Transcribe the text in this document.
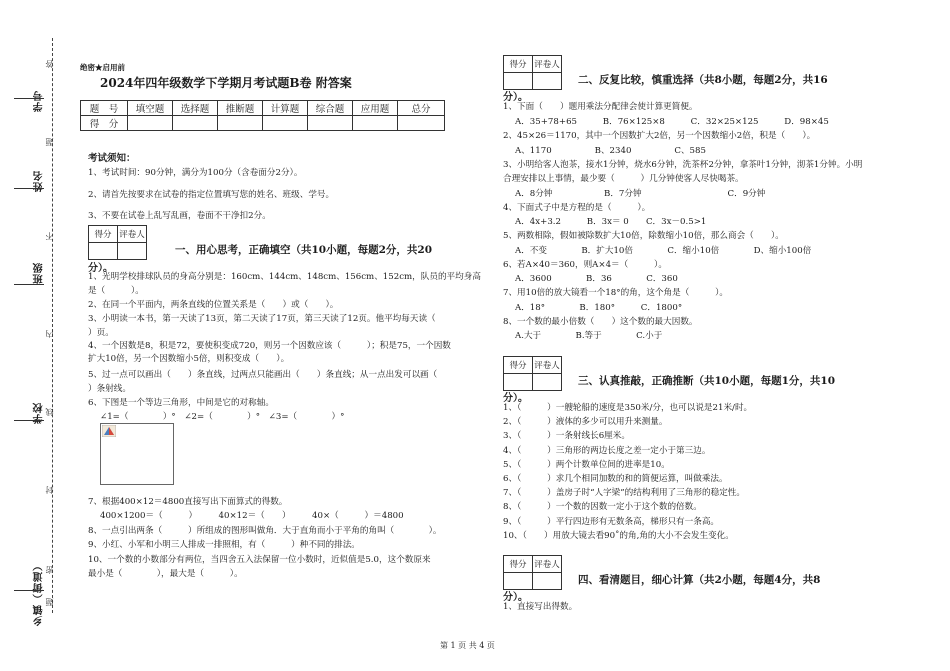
学号
姓名
班级
学校
乡镇（街道）
答
题
不
内
线
封
密
题
绝密★启用前
2024年四年级数学下学期月考试题B卷 附答案
题　号	填空题	选择题	推断题	计算题	综合题	应用题	总分
得　分							
考试须知：
1、考试时间：90分钟，满分为100分（含卷面分2分）。
2、请首先按要求在试卷的指定位置填写您的姓名、班级、学号。
3、不要在试卷上乱写乱画，卷面不干净扣2分。
得分	评卷人

一、用心思考，正确填空（共10小题，每题2分，共20
分）。
1、光明学校排球队员的身高分别是：160cm、144cm、148cm、156cm、152cm，队员的平均身高
是（　　　）。
2、在同一个平面内，两条直线的位置关系是（　　）或（　　）。
3、小明读一本书，第一天读了13页，第二天读了17页，第三天读了12页。他平均每天读（
）页。
4、一个因数是8，积是72，要使积变成720，则另一个因数应该（　　　）；积是75，一个因数
扩大10倍，另一个因数缩小5倍，则积变成（　　）。
5、过一点可以画出（　　）条直线，过两点只能画出（　　）条直线；从一点出发可以画（
）条射线。
6、下图是一个等边三角形，中间是它的对称轴。
∠1=（　　　　）°　∠2=（　　　　）°　∠3=（　　　　）°
7、根据400×12＝4800直接写出下面算式的得数。
400×1200＝（　　　）　　　40×12＝（　　）　　　40×（　　　）＝4800
8、一点引出两条（　　　）所组成的图形叫做角．大于直角而小于平角的角叫（　　　　）。
9、小红、小军和小明三人排成一排照相，有（　　　）种不同的排法。
10、一个数的小数部分有两位，当四舍五入法保留一位小数时，近似值是5.0，这个数原来
最小是（　　　　），最大是（　　　）。
得分	评卷人

二、反复比较，慎重选择（共8小题，每题2分，共16
分）。
1、下面（　　）题用乘法分配律会使计算更简便。
A．35+78+65　　　B．76×125×8　　　C．32×25×125　　　D．98×45
2、45×26＝1170，其中一个因数扩大2倍，另一个因数缩小2倍，积是（　　）。
A、1170　　　　　B、2340　　　　　C、585
3、小明给客人泡茶，接水1分钟，烧水6分钟，洗茶杯2分钟，拿茶叶1分钟，沏茶1分钟。小明
合理安排以上事情，最少要（　　　）几分钟使客人尽快喝茶。
A．8分钟　　　　　　B．7分钟　　　　　　　　　　C．9分钟
4、下面式子中是方程的是（　　　）。
A．4x+3.2　　　B．3x＝ 0　　C．3x－0.5>1
5、两数相除，假如被除数扩大10倍，除数缩小10倍，那么商会（　　）。
A．不变　　　　B．扩大10倍　　　　C．缩小10倍　　　　D、缩小100倍
6、若A×40＝360，则A×4＝（　　　）。
A．3600　　　　B．36　　　　C．360
7、用10倍的放大镜看一个18°的角，这个角是（　　　）。
A．18°　　　　B．180°　　　C．1800°
8、一个数的最小倍数（　　）这个数的最大因数。
A.大于　　　　B.等于　　　　C.小于
得分	评卷人

三、认真推敲，正确推断（共10小题，每题1分，共10
分）。
1、（　　　）一艘轮船的速度是350米/分，也可以说是21米/时。
2、（　　　）液体的多少可以用升来测量。
3、（　　　）一条射线长6厘米。
4、（　　　）三角形的两边长度之差一定小于第三边。
5、（　　　）两个计数单位间的进率是10。
6、（　　　）求几个相同加数的和的简便运算，叫做乘法。
7、（　　　）盖房子时“人字梁”的结构利用了三角形的稳定性。
8、（　　　）一个数的因数一定小于这个数的倍数。
9、（　　　）平行四边形有无数条高，梯形只有一条高。
10、（　　）用放大镜去看90˚的角,角的大小不会发生变化。
得分	评卷人

四、看清题目，细心计算（共2小题，每题4分，共8
分）。
1、直接写出得数。
第 1 页 共 4 页
